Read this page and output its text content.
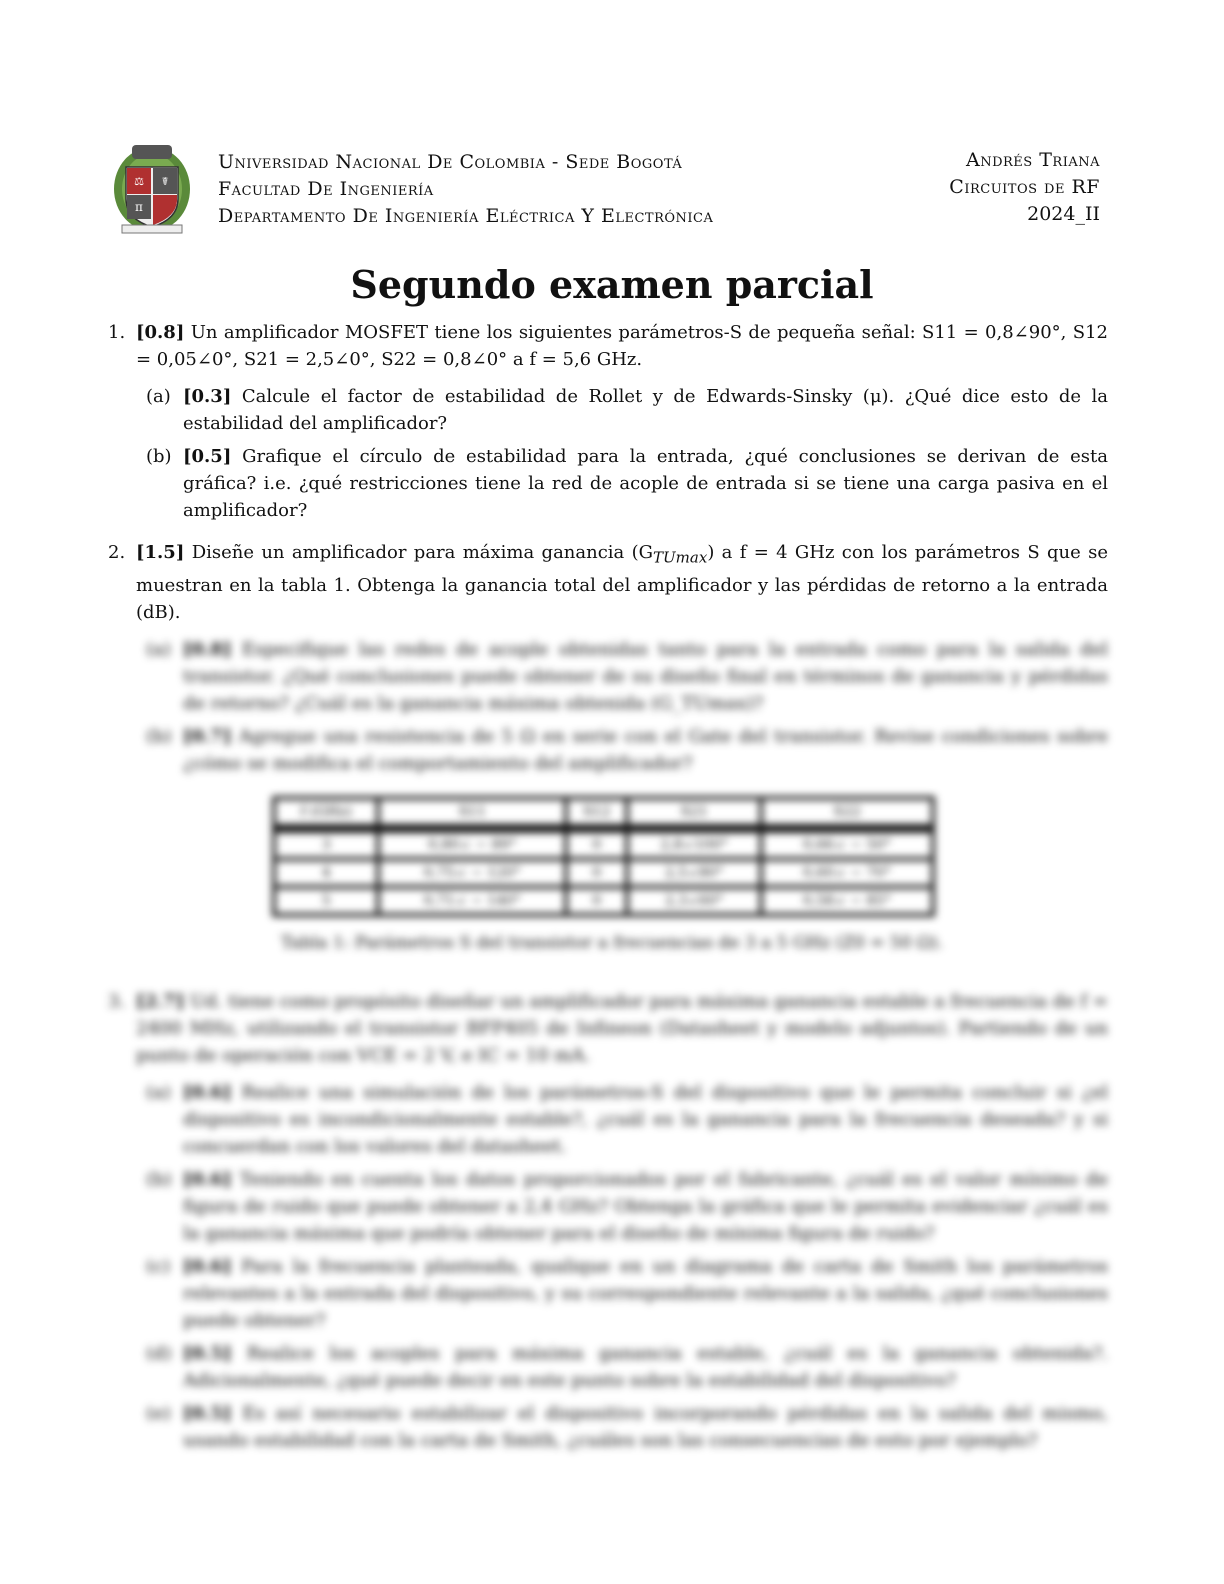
⚖ ☤
π
Universidad Nacional De Colombia - Sede Bogotá
Facultad De Ingeniería
Departamento De Ingeniería Eléctrica Y Electrónica
Andrés Triana
Circuitos de RF
2024_II
Segundo examen parcial
1. [0.8] Un amplificador MOSFET tiene los siguientes parámetros-S de pequeña señal: S11 = 0,8∠90°, S12 = 0,05∠0°, S21 = 2,5∠0°, S22 = 0,8∠0° a f = 5,6 GHz.
(a) [0.3] Calcule el factor de estabilidad de Rollet y de Edwards-Sinsky (μ). ¿Qué dice esto de la estabilidad del amplificador?
(b) [0.5] Grafique el círculo de estabilidad para la entrada, ¿qué conclusiones se derivan de esta gráfica? i.e. ¿qué restricciones tiene la red de acople de entrada si se tiene una carga pasiva en el amplificador?
2. [1.5] Diseñe un amplificador para máxima ganancia $(G_{TUmax})$ a f = 4 GHz con los parámetros S que se muestran en la tabla 1. Obtenga la ganancia total del amplificador y las pérdidas de retorno a la entrada (dB).
(a) [0.8] Especifique las redes de acople obtenidas tanto para la entrada como para la salida del transistor. ¿Qué conclusiones puede obtener de su diseño final en términos de ganancia y pérdidas de retorno? ¿Cuál es la ganancia máxima obtenida (G_TUmax)?
(b) [0.7] Agregue una resistencia de 5 Ω en serie con el Gate del transistor. Revise condiciones sobre ¿cómo se modifica el comportamiento del amplificador?
f (GHz)	S11	S12	S21	S22
3	0,80∠ − 89°	0	2,8∠100°	0,66∠ − 50°
4	0,75∠ − 120°	0	2,5∠80°	0,60∠ − 70°
5	0,71∠ − 140°	0	2,3∠60°	0,58∠ − 85°
Tabla 1: Parámetros S del transistor a frecuencias de 3 a 5 GHz (Z0 = 50 Ω).
3. [2.7] Ud. tiene como propósito diseñar un amplificador para máxima ganancia estable a frecuencia de f = 2400 MHz, utilizando el transistor BFP405 de Infineon (Datasheet y modelo adjuntos). Partiendo de un punto de operación con VCE = 2 V, e IC = 10 mA.
(a) [0.6] Realice una simulación de los parámetros-S del dispositivo que le permita concluir si ¿el dispositivo es incondicionalmente estable?, ¿cuál es la ganancia para la frecuencia deseada? y si concuerdan con los valores del datasheet.
(b) [0.6] Teniendo en cuenta los datos proporcionados por el fabricante, ¿cuál es el valor mínimo de figura de ruido que puede obtener a 2,4 GHz? Obtenga la gráfica que le permita evidenciar ¿cuál es la ganancia máxima que podría obtener para el diseño de mínima figura de ruido?
(c) [0.6] Para la frecuencia planteada, qualique en un diagrama de carta de Smith los parámetros relevantes a la entrada del dispositivo, y su correspondiente relevante a la salida, ¿qué conclusiones puede obtener?
(d) [0.5] Realice los acoples para máxima ganancia estable, ¿cuál es la ganancia obtenida?. Adicionalmente, ¿qué puede decir en este punto sobre la estabilidad del dispositivo?
(e) [0.5] Es así necesario estabilizar el dispositivo incorporando pérdidas en la salida del mismo, usando estabilidad con la carta de Smith, ¿cuáles son las consecuencias de esto por ejemplo?
